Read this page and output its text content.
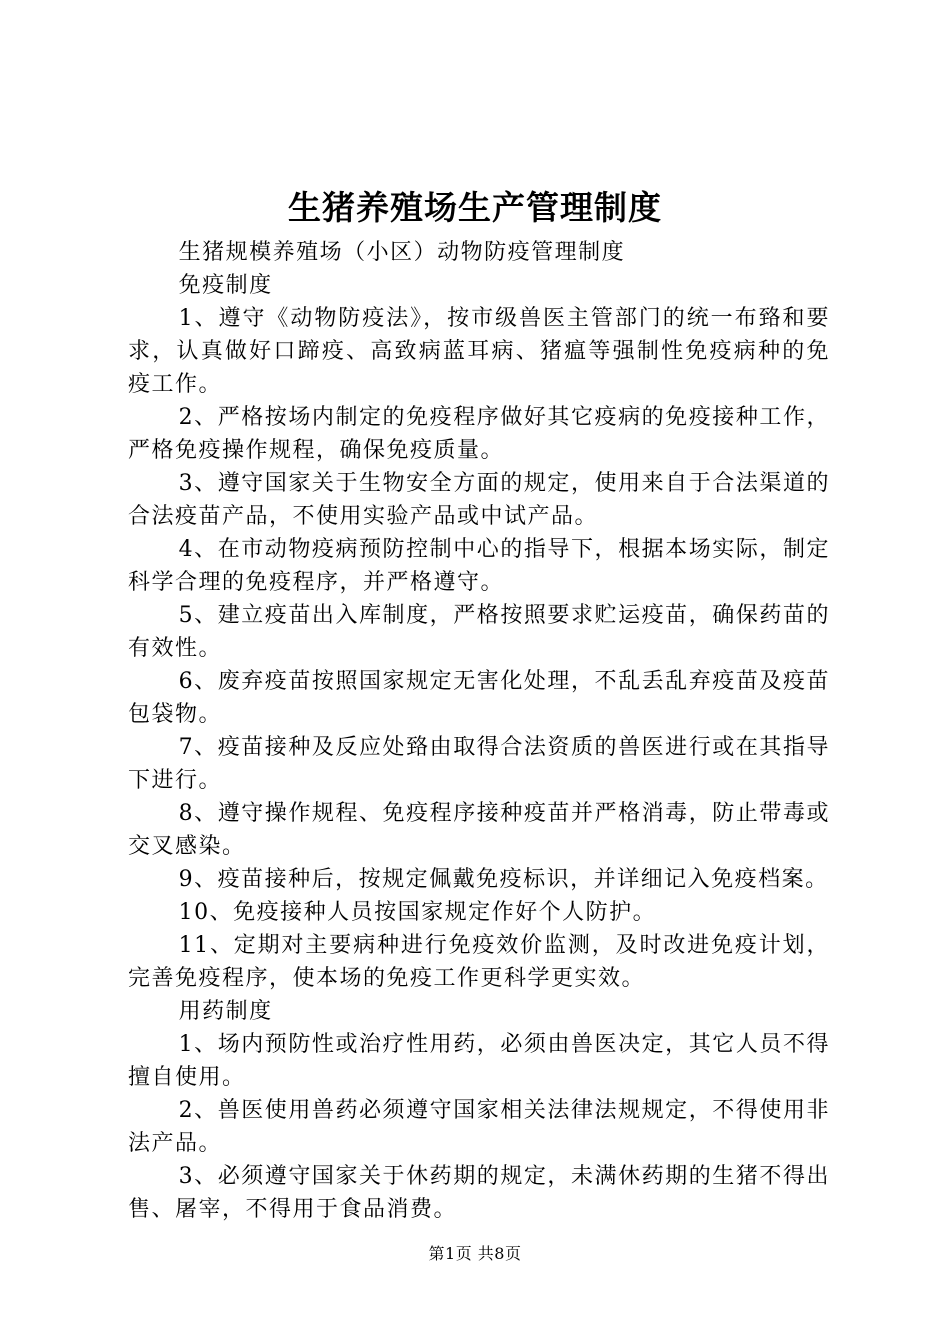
生猪养殖场生产管理制度

生猪规模养殖场（小区）动物防疫管理制度

免疫制度

1、遵守《动物防疫法》，按市级兽医主管部门的统一布臵和要求，认真做好口蹄疫、高致病蓝耳病、猪瘟等强制性免疫病种的免疫工作。

2、严格按场内制定的免疫程序做好其它疫病的免疫接种工作，严格免疫操作规程，确保免疫质量。

3、遵守国家关于生物安全方面的规定，使用来自于合法渠道的合法疫苗产品，不使用实验产品或中试产品。

4、在市动物疫病预防控制中心的指导下，根据本场实际，制定科学合理的免疫程序，并严格遵守。

5、建立疫苗出入库制度，严格按照要求贮运疫苗，确保药苗的有效性。

6、废弃疫苗按照国家规定无害化处理，不乱丢乱弃疫苗及疫苗包袋物。

7、疫苗接种及反应处臵由取得合法资质的兽医进行或在其指导下进行。

8、遵守操作规程、免疫程序接种疫苗并严格消毒，防止带毒或交叉感染。

9、疫苗接种后，按规定佩戴免疫标识，并详细记入免疫档案。

10、免疫接种人员按国家规定作好个人防护。

11、定期对主要病种进行免疫效价监测，及时改进免疫计划，完善免疫程序，使本场的免疫工作更科学更实效。

用药制度

1、场内预防性或治疗性用药，必须由兽医决定，其它人员不得擅自使用。

2、兽医使用兽药必须遵守国家相关法律法规规定，不得使用非法产品。

3、必须遵守国家关于休药期的规定，未满休药期的生猪不得出售、屠宰，不得用于食品消费。

第1页 共8页
